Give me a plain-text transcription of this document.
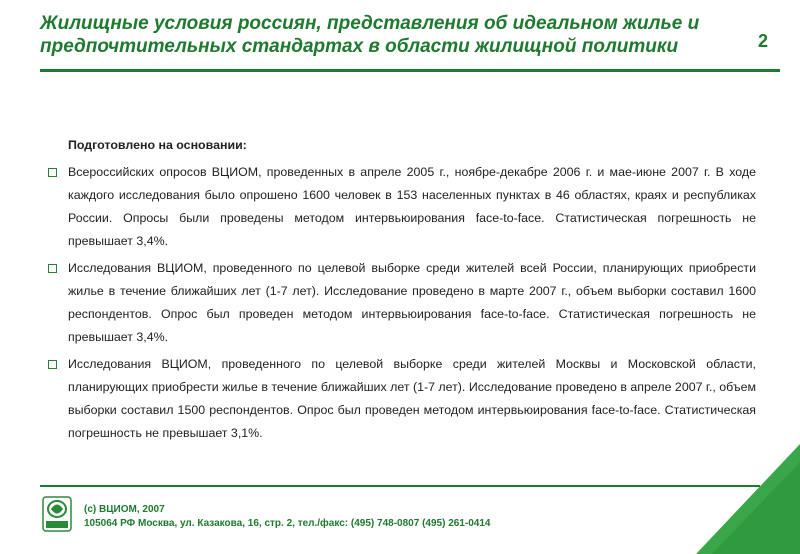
Жилищные условия россиян, представления об идеальном жилье и предпочтительных стандартах в области жилищной политики	2

Подготовлено на основании:

Всероссийских опросов ВЦИОМ, проведенных в апреле 2005 г., ноябре-декабре 2006 г. и мае-июне 2007 г. В ходе каждого исследования было опрошено 1600 человек в 153 населенных пунктах в 46 областях, краях и республиках России. Опросы были проведены методом интервьюирования face-to-face. Статистическая погрешность не превышает 3,4%.
Исследования ВЦИОМ, проведенного по целевой выборке среди жителей всей России, планирующих приобрести жилье в течение ближайших лет (1-7 лет). Исследование проведено в марте 2007 г., объем выборки составил 1600 респондентов. Опрос был проведен методом интервьюирования face-to-face. Статистическая погрешность не превышает 3,4%.
Исследования ВЦИОМ, проведенного по целевой выборке среди жителей Москвы и Московской области, планирующих приобрести жилье в течение ближайших лет (1-7 лет). Исследование проведено в апреле 2007 г., объем выборки составил 1500 респондентов. Опрос был проведен методом интервьюирования face-to-face. Статистическая погрешность не превышает 3,1%.
(с) ВЦИОМ, 2007
105064 РФ Москва, ул. Казакова, 16, стр. 2, тел./факс: (495) 748-0807 (495) 261-0414
